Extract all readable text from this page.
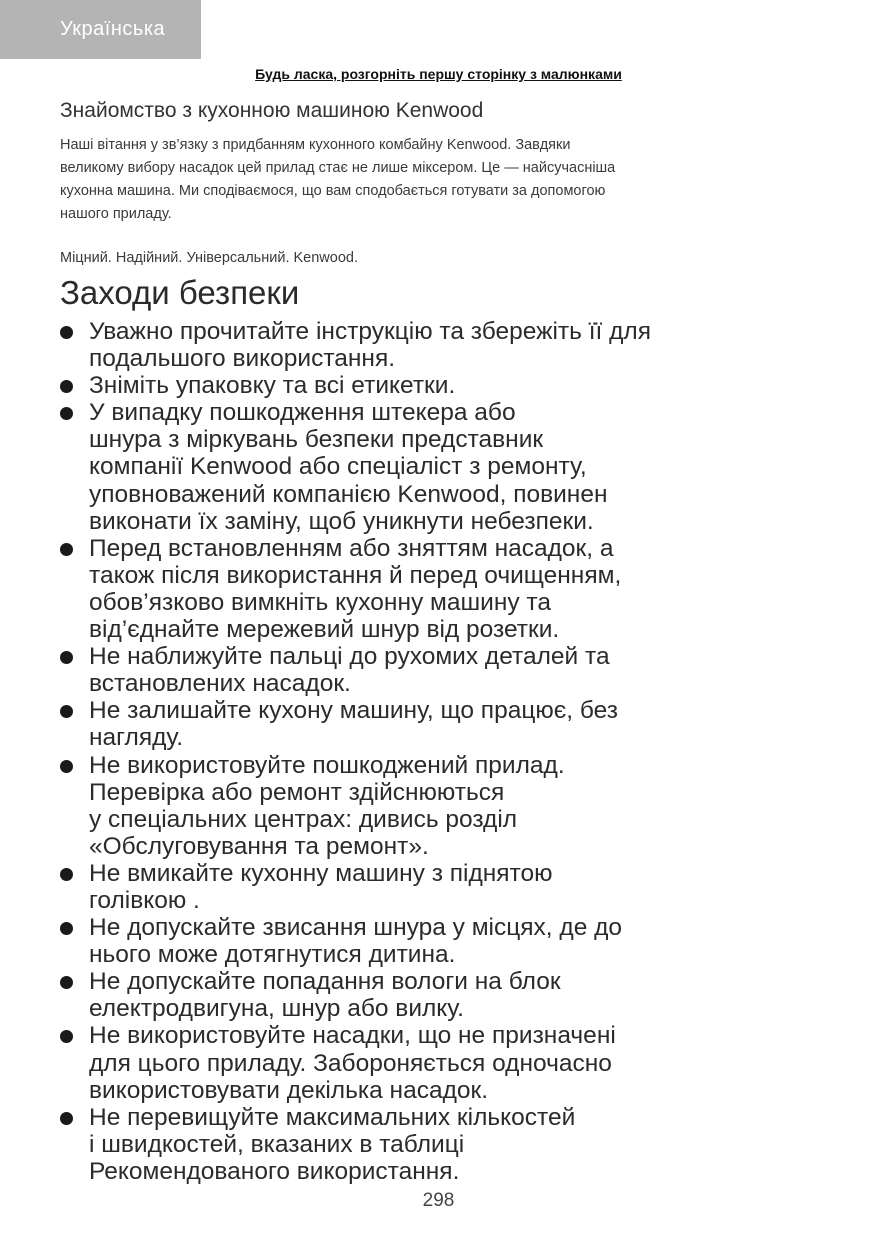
Українська
Будь ласка, розгорніть першу сторінку з малюнками
Знайомство з кухонною машиною Kenwood

Наші вітання у зв’язку з придбанням кухонного комбайну Kenwood. Завдяки
великому вибору насадок цей прилад стає не лише міксером. Це — найсучасніша
кухонна машина. Ми сподіваємося, що вам сподобається готувати за допомогою
нашого приладу.

Міцний. Надійний. Універсальний. Kenwood.

Заходи безпеки
Уважно прочитайте інструкцію та збережіть її для
подальшого використання.
Зніміть упаковку та всі етикетки.
У випадку пошкодження штекера або
шнура з міркувань безпеки представник
компанії Kenwood або спеціаліст з ремонту,
уповноважений компанією Kenwood, повинен
виконати їх заміну, щоб уникнути небезпеки.
Перед встановленням або зняттям насадок, а
також після використання й перед очищенням,
обов’язково вимкніть кухонну машину та
від’єднайте мережевий шнур від розетки.
Не наближуйте пальці до рухомих деталей та
встановлених насадок.
Не залишайте кухону машину, що працює, без
нагляду.
Не використовуйте пошкоджений прилад.
Перевірка або ремонт здійснюються
у спеціальних центрах: дивись розділ
«Обслуговування та ремонт».
Не вмикайте кухонну машину з піднятою
голівкою .
Не допускайте звисання шнура у місцях, де до
нього може дотягнутися дитина.
Не допускайте попадання вологи на блок
електродвигуна, шнур або вилку.
Не використовуйте насадки, що не призначені
для цього приладу. Забороняється одночасно
використовувати декілька насадок.
Не перевищуйте максимальних кількостей
і швидкостей, вказаних в таблиці
Рекомендованого використання.
298
